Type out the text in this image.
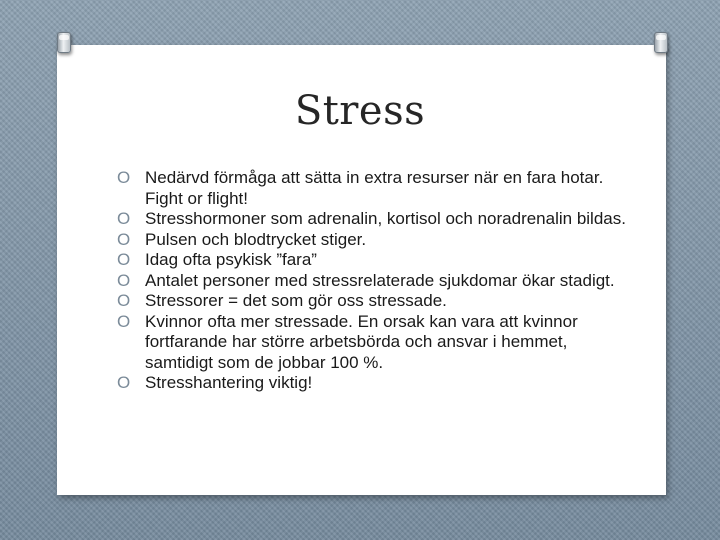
Stress
O Nedärvd förmåga att sätta in extra resurser när en fara hotar. Fight or flight!
O Stresshormoner som adrenalin, kortisol och noradrenalin bildas.
O Pulsen och blodtrycket stiger.
O Idag ofta psykisk ”fara”
O Antalet personer med stressrelaterade sjukdomar ökar stadigt.
O Stressorer = det som gör oss stressade.
O Kvinnor ofta mer stressade. En orsak kan vara att kvinnor fortfarande har större arbetsbörda och ansvar i hemmet, samtidigt som de jobbar 100 %.
O Stresshantering viktig!
